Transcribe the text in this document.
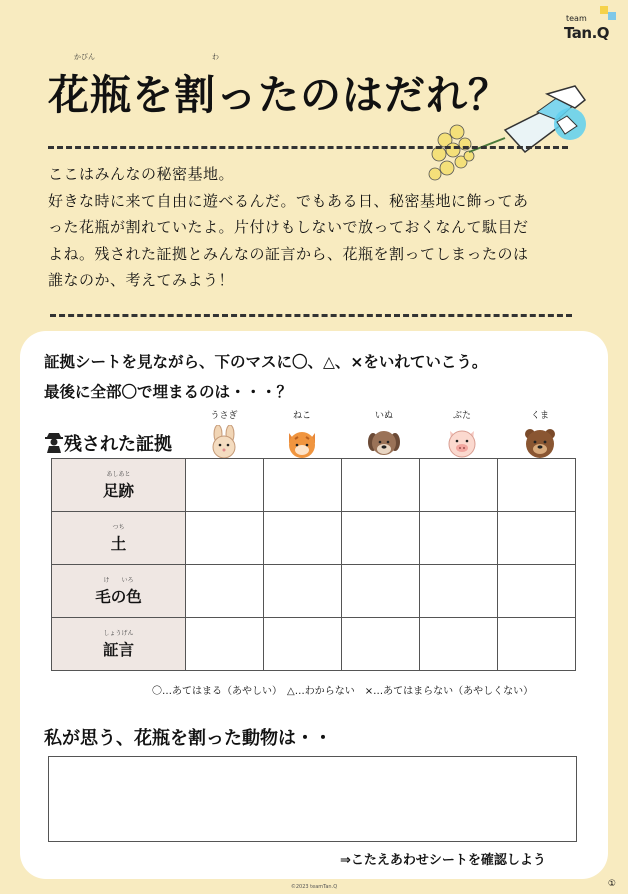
team
Tan.Q
かびん	わ
花瓶を割ったのはだれ？

ここはみんなの秘密基地。

好きな時に来て自由に遊べるんだ。でもある日、秘密基地に飾ってあ

った花瓶が割れていたよ。片付けもしないで放っておくなんて駄目だ

よね。残された証拠とみんなの証言から、花瓶を割ってしまったのは

誰なのか、考えてみよう！

証拠シートを見ながら、下のマスに〇、△、×をいれていこう。
最後に全部〇で埋まるのは・・・？
残された証拠
うさぎ	ねこ	いぬ	ぶた	くま
あしあと
足跡					

つち
土					

け　　いろ
毛の色					

しょうげん
証言					
〇…あてはまる（あやしい）　△…わからない　×…あてはまらない（あやしくない）
私が思う、花瓶を割った動物は・・
⇒こたえあわせシートを確認しよう
©2023 teamTan.Q	①
